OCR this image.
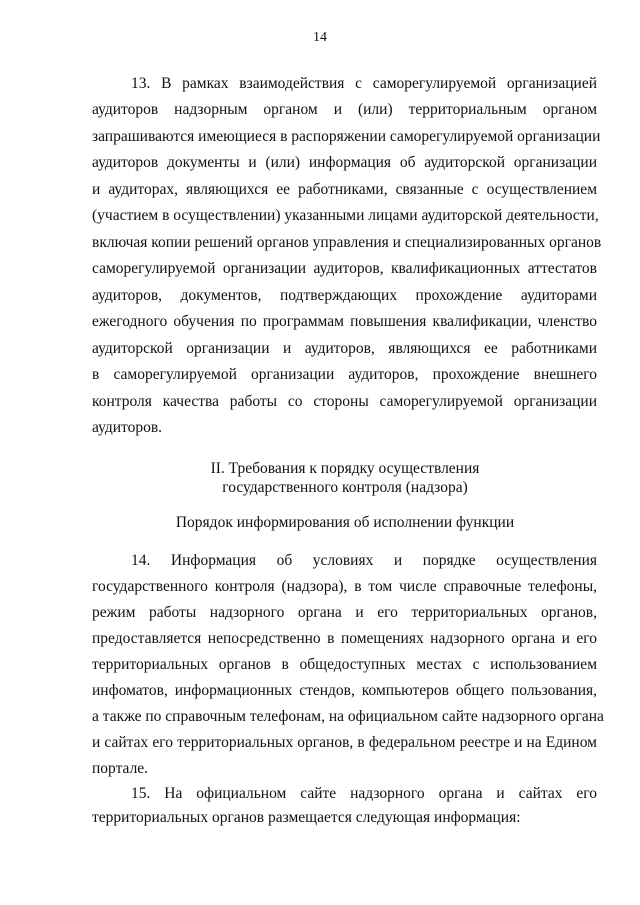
14
13. В рамках взаимодействия с саморегулируемой организацией
аудиторов надзорным органом и (или) территориальным органом
запрашиваются имеющиеся в распоряжении саморегулируемой организации
аудиторов документы и (или) информация об аудиторской организации
и аудиторах, являющихся ее работниками, связанные с осуществлением
(участием в осуществлении) указанными лицами аудиторской деятельности,
включая копии решений органов управления и специализированных органов
саморегулируемой организации аудиторов, квалификационных аттестатов
аудиторов, документов, подтверждающих прохождение аудиторами
ежегодного обучения по программам повышения квалификации, членство
аудиторской организации и аудиторов, являющихся ее работниками
в саморегулируемой организации аудиторов, прохождение внешнего
контроля качества работы со стороны саморегулируемой организации
аудиторов.
II. Требования к порядку осуществления
государственного контроля (надзора)
Порядок информирования об исполнении функции
14. Информация об условиях и порядке осуществления
государственного контроля (надзора), в том числе справочные телефоны,
режим работы надзорного органа и его территориальных органов,
предоставляется непосредственно в помещениях надзорного органа и его
территориальных органов в общедоступных местах с использованием
инфоматов, информационных стендов, компьютеров общего пользования,
а также по справочным телефонам, на официальном сайте надзорного органа
и сайтах его территориальных органов, в федеральном реестре и на Едином
портале.
15. На официальном сайте надзорного органа и сайтах его
территориальных органов размещается следующая информация:
